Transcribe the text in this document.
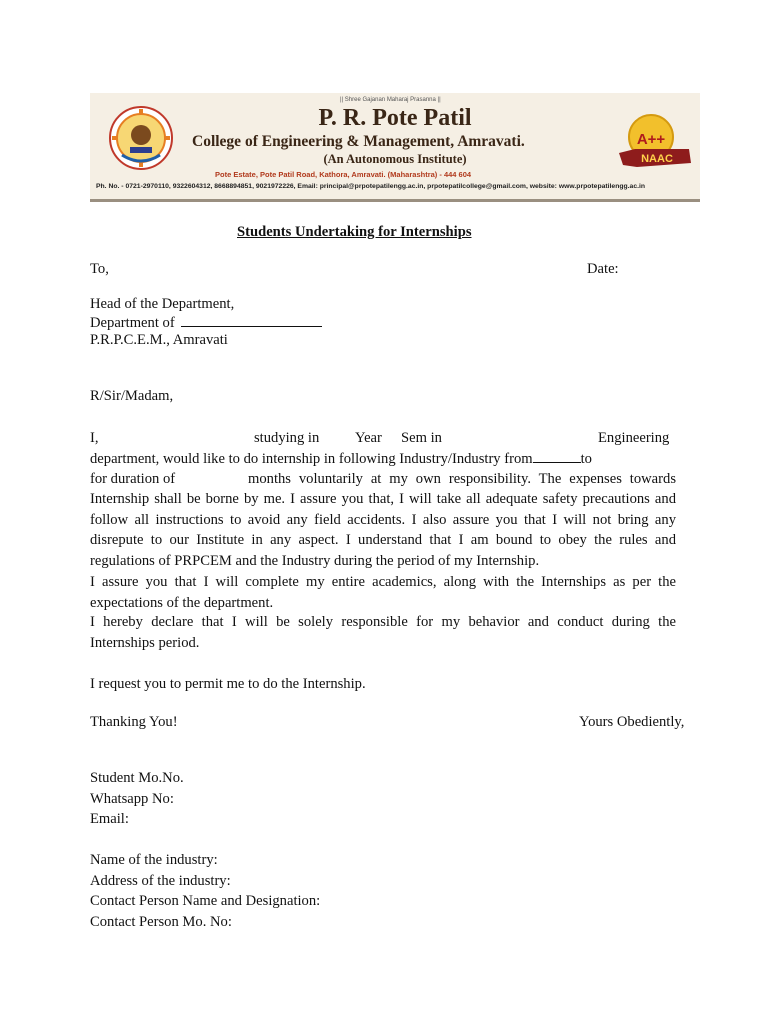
|| Shree Gajanan Maharaj Prasanna ||
P. R. Pote Patil
College of Engineering & Management, Amravati.
(An Autonomous Institute)
Pote Estate, Pote Patil Road, Kathora, Amravati. (Maharashtra) - 444 604
Ph. No. - 0721-2970110, 9322604312, 8668894851, 9021972226, Email: principal@prpotepatilengg.ac.in, prpotepatilcollege@gmail.com, website: www.prpotepatilengg.ac.in
A++
NAAC
Students Undertaking for Internships
To,	Date:
Head of the Department,
Department of
P.R.P.C.E.M., Amravati
R/Sir/Madam,
I,	studying in Year Sem in	Engineering
department, would like to do internship in following Industry/Industry from	to
for duration of	months voluntarily at my own responsibility. The expenses towards
Internship shall be borne by me. I assure you that, I will take all adequate safety precautions and
follow all instructions to avoid any field accidents. I also assure you that I will not bring any
disrepute to our Institute in any aspect. I understand that I am bound to obey the rules and
regulations of PRPCEM and the Industry during the period of my Internship.
I assure you that I will complete my entire academics, along with the Internships as per the
expectations of the department.
I hereby declare that I will be solely responsible for my behavior and conduct during the
Internships period.
I request you to permit me to do the Internship.
Thanking You!	Yours Obediently,
Student Mo.No.
Whatsapp No:
Email:
Name of the industry:
Address of the industry:
Contact Person Name and Designation:
Contact Person Mo. No:
